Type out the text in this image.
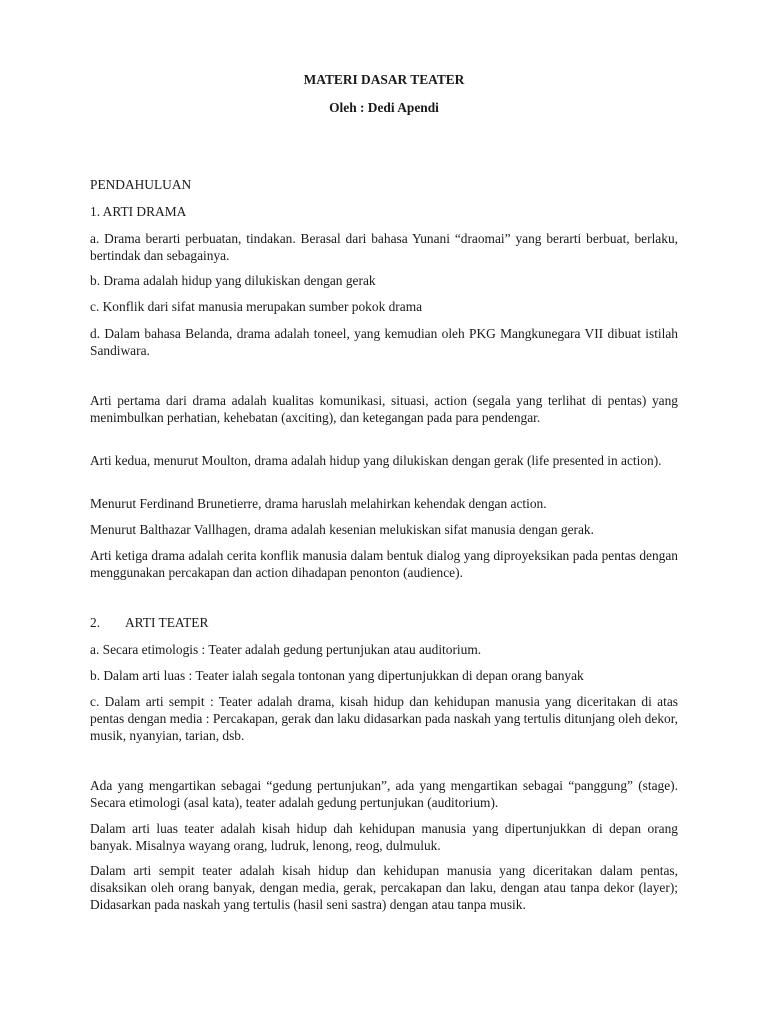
MATERI DASAR TEATER
Oleh : Dedi Apendi
PENDAHULUAN
1. ARTI DRAMA
a. Drama berarti perbuatan, tindakan. Berasal dari bahasa Yunani “draomai” yang berarti berbuat, berlaku, bertindak dan sebagainya.
b. Drama adalah hidup yang dilukiskan dengan gerak
c. Konflik dari sifat manusia merupakan sumber pokok drama
d. Dalam bahasa Belanda, drama adalah toneel, yang kemudian oleh PKG Mangkunegara VII dibuat istilah Sandiwara.
Arti pertama dari drama adalah kualitas komunikasi, situasi, action (segala yang terlihat di pentas) yang menimbulkan perhatian, kehebatan (axciting), dan ketegangan pada para pendengar.
Arti kedua, menurut Moulton, drama adalah hidup yang dilukiskan dengan gerak (life presented in action).
Menurut Ferdinand Brunetierre, drama haruslah melahirkan kehendak dengan action.
Menurut Balthazar Vallhagen, drama adalah kesenian melukiskan sifat manusia dengan gerak.
Arti ketiga drama adalah cerita konflik manusia dalam bentuk dialog yang diproyeksikan pada pentas dengan menggunakan percakapan dan action dihadapan penonton (audience).
2. ARTI TEATER
a. Secara etimologis : Teater adalah gedung pertunjukan atau auditorium.
b. Dalam arti luas : Teater ialah segala tontonan yang dipertunjukkan di depan orang banyak
c. Dalam arti sempit : Teater adalah drama, kisah hidup dan kehidupan manusia yang diceritakan di atas pentas dengan media : Percakapan, gerak dan laku didasarkan pada naskah yang tertulis ditunjang oleh dekor, musik, nyanyian, tarian, dsb.
Ada yang mengartikan sebagai “gedung pertunjukan”, ada yang mengartikan sebagai “panggung” (stage). Secara etimologi (asal kata), teater adalah gedung pertunjukan (auditorium).
Dalam arti luas teater adalah kisah hidup dah kehidupan manusia yang dipertunjukkan di depan orang banyak. Misalnya wayang orang, ludruk, lenong, reog, dulmuluk.
Dalam arti sempit teater adalah kisah hidup dan kehidupan manusia yang diceritakan dalam pentas, disaksikan oleh orang banyak, dengan media, gerak, percakapan dan laku, dengan atau tanpa dekor (layer); Didasarkan pada naskah yang tertulis (hasil seni sastra) dengan atau tanpa musik.
